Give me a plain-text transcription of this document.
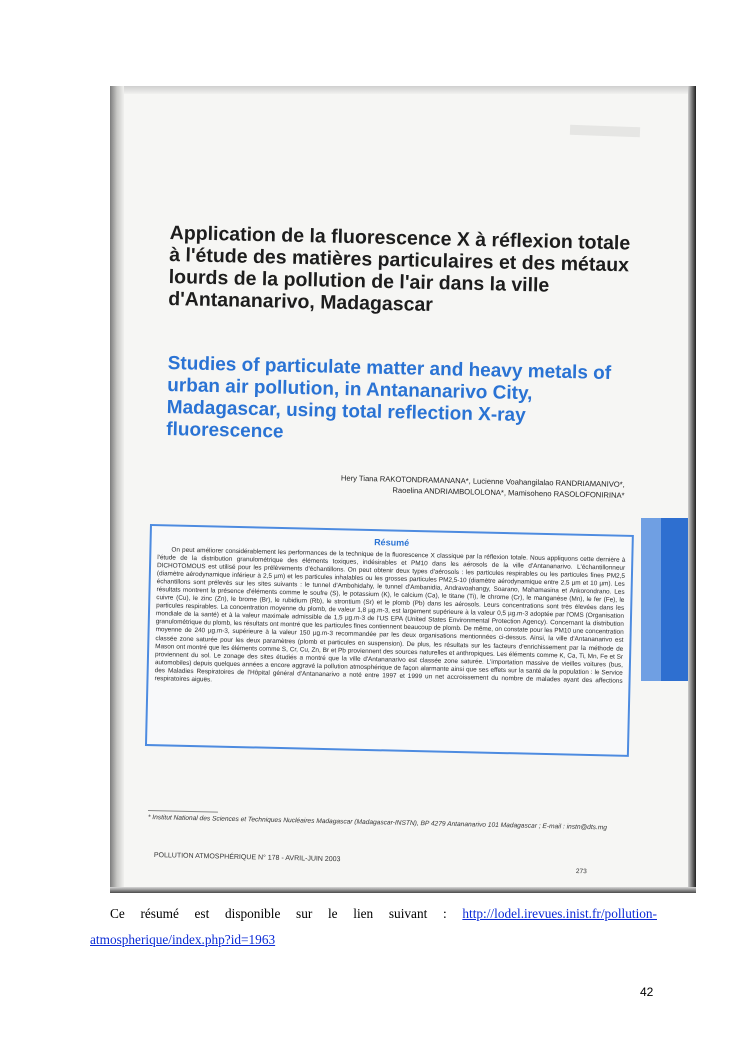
Application de la fluorescence X à réflexion totale à l'étude des matières particulaires et des métaux lourds de la pollution de l'air dans la ville d'Antananarivo, Madagascar
Studies of particulate matter and heavy metals of urban air pollution, in Antananarivo City, Madagascar, using total reflection X-ray fluorescence
Hery Tiana RAKOTONDRAMANANA*, Lucienne Voahangilalao RANDRIAMANIVO*,
Raoelina ANDRIAMBOLOLONA*, Mamisoheno RASOLOFONIRINA*
Résumé

On peut améliorer considérablement les performances de la technique de la fluorescence X classique par la réflexion totale. Nous appliquons cette dernière à l'étude de la distribution granulométrique des éléments toxiques, indésirables et PM10 dans les aérosols de la ville d'Antananarivo. L'échantillonneur DICHOTOMOUS est utilisé pour les prélèvements d'échantillons. On peut obtenir deux types d'aérosols : les particules respirables ou les particules fines PM2,5 (diamètre aérodynamique inférieur à 2,5 µm) et les particules inhalables ou les grosses particules PM2,5-10 (diamètre aérodynamique entre 2,5 µm et 10 µm). Les échantillons sont prélevés sur les sites suivants : le tunnel d'Ambohidahy, le tunnel d'Ambanidia, Andravoahangy, Soarano, Mahamasina et Ankorondrano. Les résultats montrent la présence d'éléments comme le soufre (S), le potassium (K), le calcium (Ca), le titane (Ti), le chrome (Cr), le manganèse (Mn), le fer (Fe), le cuivre (Cu), le zinc (Zn), le brome (Br), le rubidium (Rb), le strontium (Sr) et le plomb (Pb) dans les aérosols. Leurs concentrations sont très élevées dans les particules respirables. La concentration moyenne du plomb, de valeur 1,8 µg.m-3, est largement supérieure à la valeur 0,5 µg.m-3 adoptée par l'OMS (Organisation mondiale de la santé) et à la valeur maximale admissible de 1,5 µg.m-3 de l'US EPA (United States Environmental Protection Agency). Concernant la distribution granulométrique du plomb, les résultats ont montré que les particules fines contiennent beaucoup de plomb. De même, on constate pour les PM10 une concentration moyenne de 240 µg.m-3, supérieure à la valeur 150 µg.m-3 recommandée par les deux organisations mentionnées ci-dessus. Ainsi, la ville d'Antananarivo est classée zone saturée pour les deux paramètres (plomb et particules en suspension). De plus, les résultats sur les facteurs d'enrichissement par la méthode de Mason ont montré que les éléments comme S, Cr, Cu, Zn, Br et Pb proviennent des sources naturelles et anthropiques. Les éléments comme K, Ca, Ti, Mn, Fe et Sr proviennent du sol. Le zonage des sites étudiés a montré que la ville d'Antananarivo est classée zone saturée. L'importation massive de vieilles voitures (bus, automobiles) depuis quelques années a encore aggravé la pollution atmosphérique de façon alarmante ainsi que ses effets sur la santé de la population : le Service des Maladies Respiratoires de l'Hôpital général d'Antananarivo a noté entre 1997 et 1999 un net accroissement du nombre de malades ayant des affections respiratoires aiguës.

* Institut National des Sciences et Techniques Nucléaires Madagascar (Madagascar-INSTN), BP 4279 Antananarivo 101 Madagascar ; E-mail : instn@dts.mg
POLLUTION ATMOSPHÉRIQUE N° 178 - AVRIL-JUIN 2003
273

Ce résumé est disponible sur le lien suivant : http://lodel.irevues.inist.fr/pollution-atmospherique/index.php?id=1963

42
